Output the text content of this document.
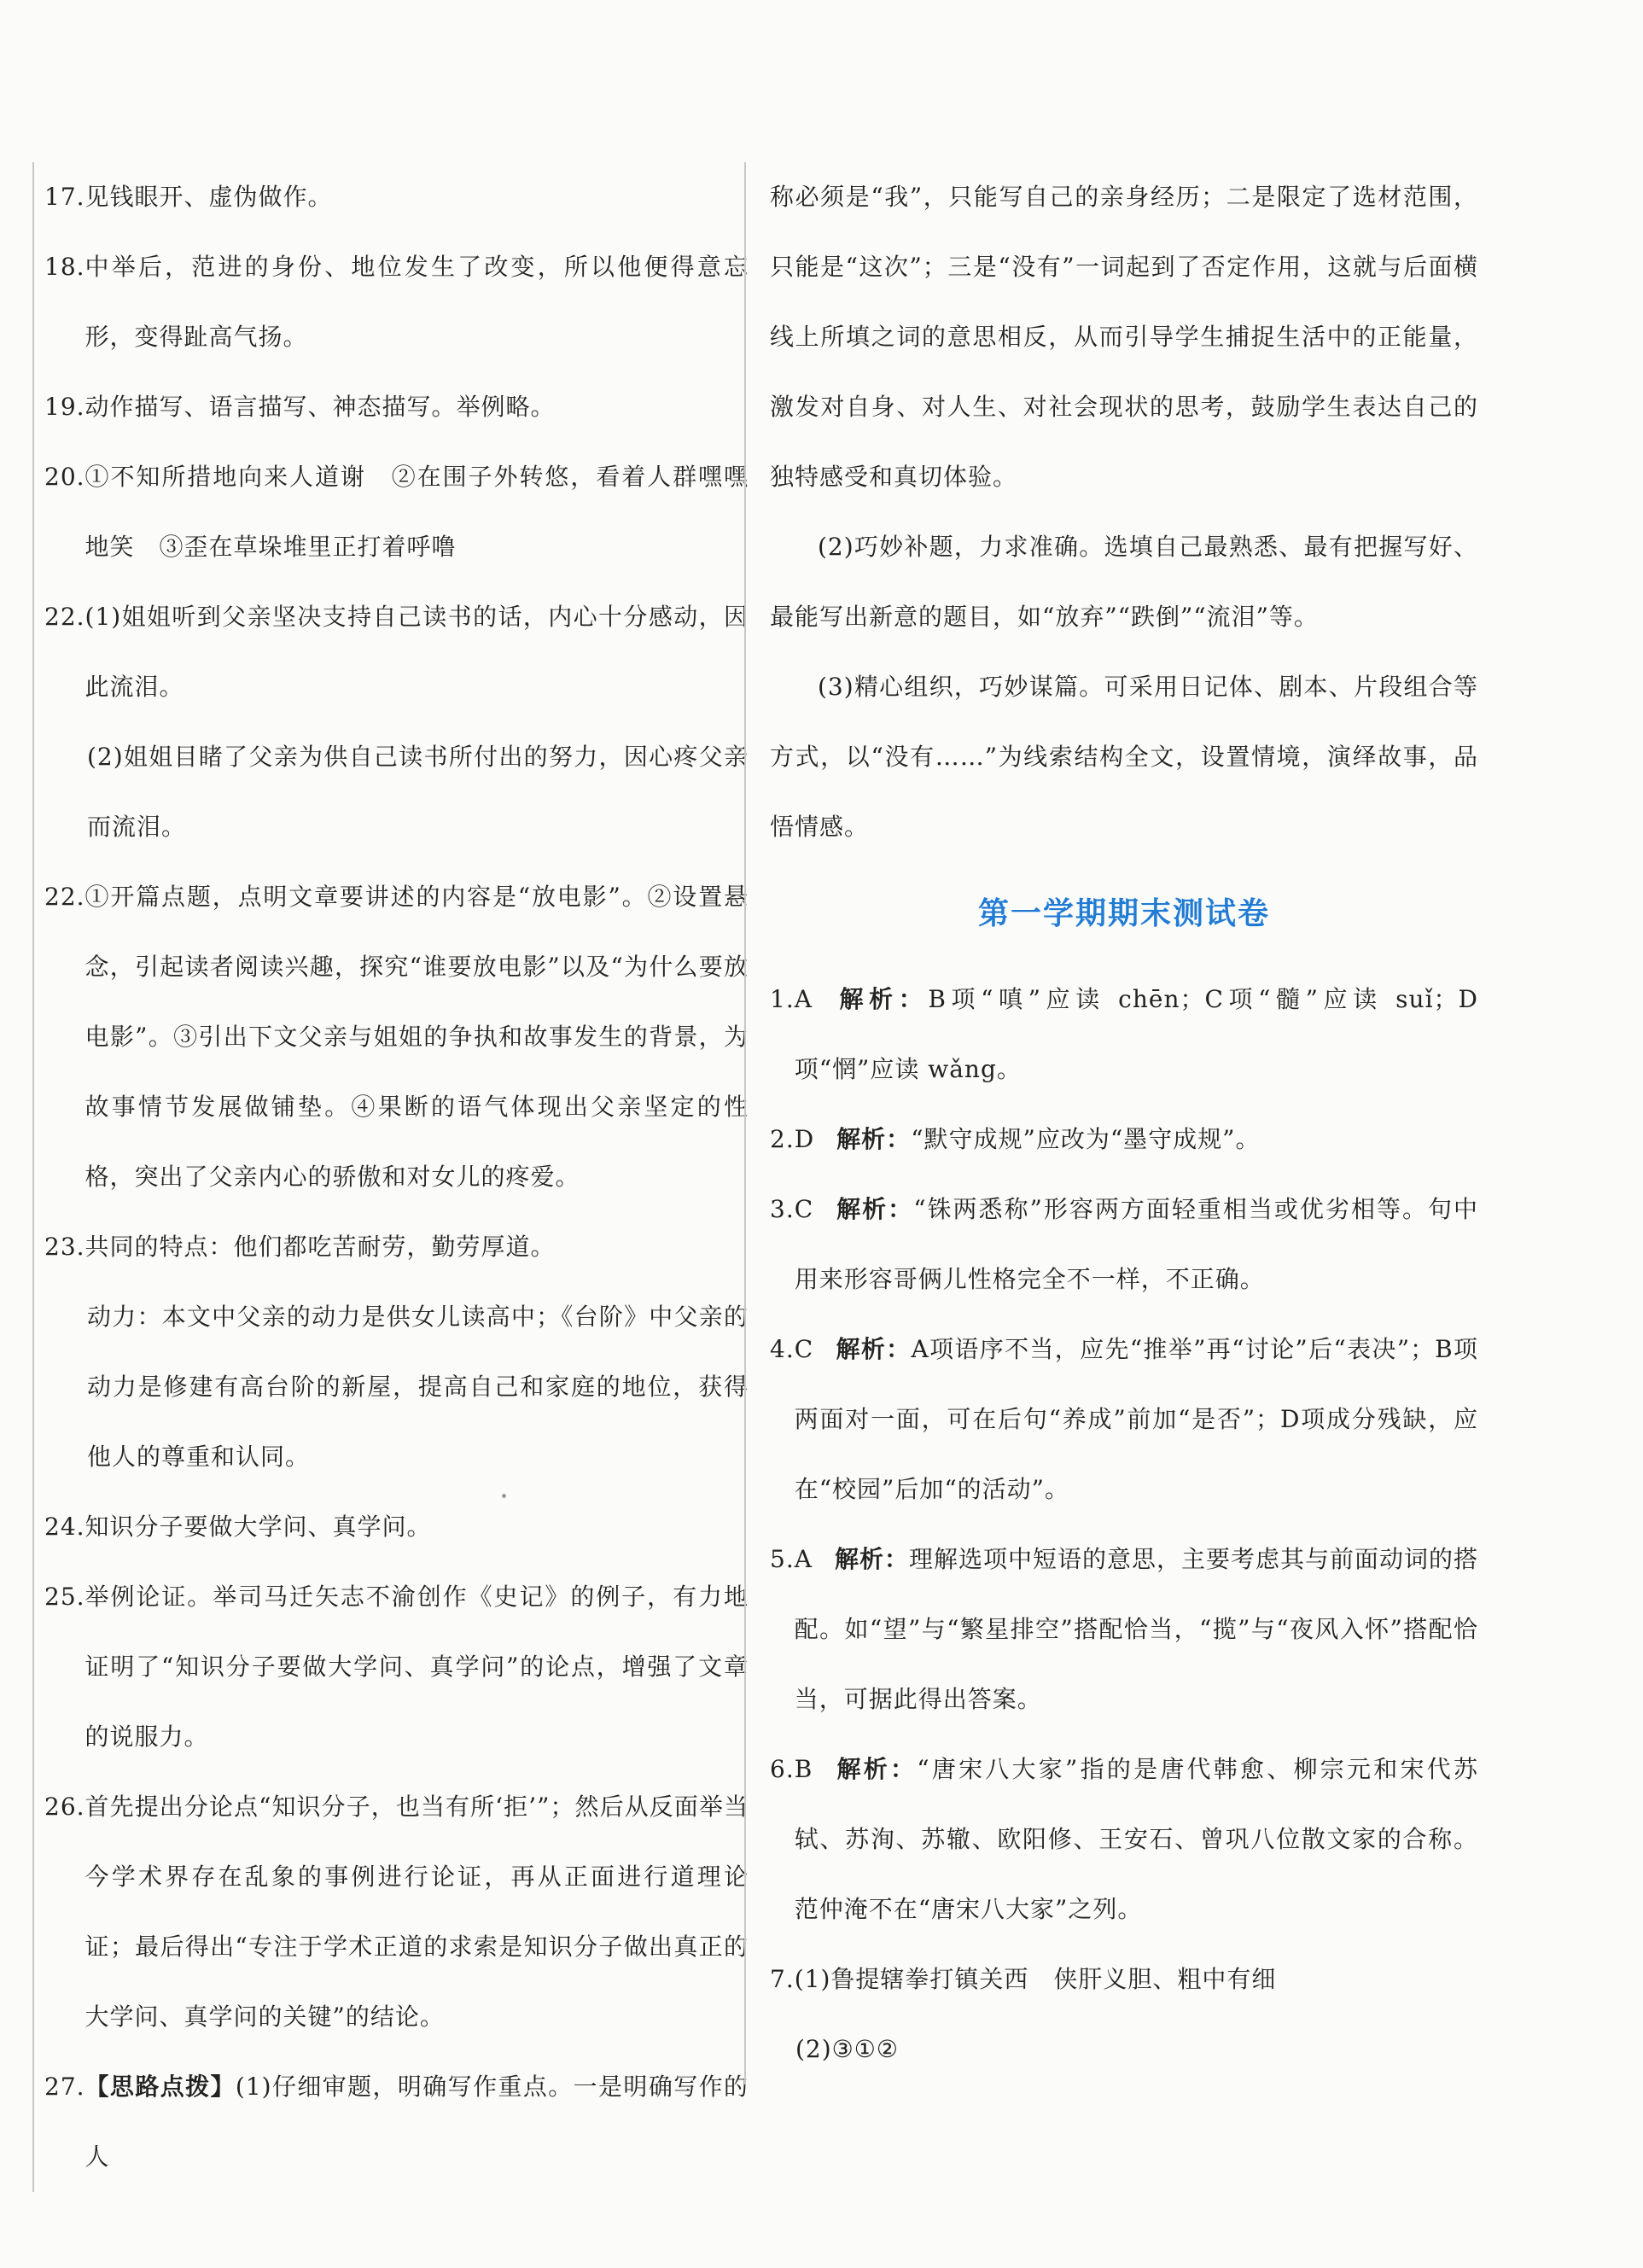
17. 见钱眼开、虚伪做作。
18. 中举后，范进的身份、地位发生了改变，所以他便得意忘形，变得趾高气扬。
19. 动作描写、语言描写、神态描写。举例略。
20. ①不知所措地向来人道谢　②在围子外转悠，看着人群嘿嘿地笑　③歪在草垛堆里正打着呼噜
22. (1)姐姐听到父亲坚决支持自己读书的话，内心十分感动，因此流泪。
(2)姐姐目睹了父亲为供自己读书所付出的努力，因心疼父亲而流泪。
22. ①开篇点题，点明文章要讲述的内容是“放电影”。②设置悬念，引起读者阅读兴趣，探究“谁要放电影”以及“为什么要放电影”。③引出下文父亲与姐姐的争执和故事发生的背景，为故事情节发展做铺垫。④果断的语气体现出父亲坚定的性格，突出了父亲内心的骄傲和对女儿的疼爱。
23. 共同的特点：他们都吃苦耐劳，勤劳厚道。
动力：本文中父亲的动力是供女儿读高中；《台阶》中父亲的动力是修建有高台阶的新屋，提高自己和家庭的地位，获得他人的尊重和认同。
24. 知识分子要做大学问、真学问。
25. 举例论证。举司马迁矢志不渝创作《史记》的例子，有力地证明了“知识分子要做大学问、真学问”的论点，增强了文章的说服力。
26. 首先提出分论点“知识分子，也当有所‘拒’”；然后从反面举当今学术界存在乱象的事例进行论证，再从正面进行道理论证；最后得出“专注于学术正道的求索是知识分子做出真正的大学问、真学问的关键”的结论。
27. 【思路点拨】(1)仔细审题，明确写作重点。一是明确写作的人
称必须是“我”，只能写自己的亲身经历；二是限定了选材范围，只能是“这次”；三是“没有”一词起到了否定作用，这就与后面横线上所填之词的意思相反，从而引导学生捕捉生活中的正能量，激发对自身、对人生、对社会现状的思考，鼓励学生表达自己的独特感受和真切体验。
(2)巧妙补题，力求准确。选填自己最熟悉、最有把握写好、最能写出新意的题目，如“放弃”“跌倒”“流泪”等。
(3)精心组织，巧妙谋篇。可采用日记体、剧本、片段组合等方式，以“没有……”为线索结构全文，设置情境，演绎故事，品悟情感。
第一学期期末测试卷
1. A 解析：B项“嗔”应读 chēn；C项“髓”应读 suǐ；D项“惘”应读 wǎng。
2. D 解析：“默守成规”应改为“墨守成规”。
3. C 解析：“铢两悉称”形容两方面轻重相当或优劣相等。句中用来形容哥俩儿性格完全不一样，不正确。
4. C 解析：A项语序不当，应先“推举”再“讨论”后“表决”；B项两面对一面，可在后句“养成”前加“是否”；D项成分残缺，应在“校园”后加“的活动”。
5. A 解析：理解选项中短语的意思，主要考虑其与前面动词的搭配。如“望”与“繁星排空”搭配恰当，“揽”与“夜风入怀”搭配恰当，可据此得出答案。
6. B 解析：“唐宋八大家”指的是唐代韩愈、柳宗元和宋代苏轼、苏洵、苏辙、欧阳修、王安石、曾巩八位散文家的合称。范仲淹不在“唐宋八大家”之列。
7. (1)鲁提辖拳打镇关西　侠肝义胆、粗中有细
(2)③①②
